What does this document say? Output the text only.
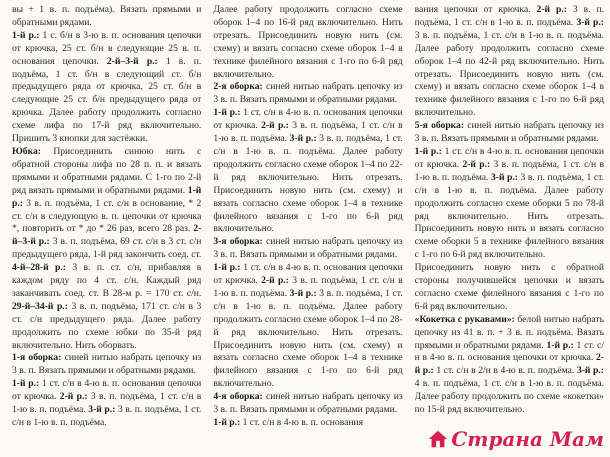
вы + 1 в. п. подъёма). Вязать прямыми и обратными рядами.

1-й р.: 1 с. б/н в 3-ю в. п. основания цепочки от крючка, 25 ст. б/н в следующие 25 в. п. основания цепочки. 2-й–3-й р.: 1 в. п. подъёма, 1 ст. б/н в следующий ст. б/н предыдущего ряда от крючка, 25 ст. б/н в следующие 25 ст. б/н предыдущего ряда от крючка. Далее работу продолжить согласно схеме лифа по 17-й ряд включительно. Пришить 3 кнопки для застёжки.

Юбка: Присоединить синюю нить с обратной стороны лифа по 28 п. п. и вязать прямыми и обратными рядами. С 1-го по 2-й ряд вязать прямыми и обратными рядами. 1-й р.: 3 в. п. подъёма, 1 ст. с/н в основание, * 2 ст. с/н в следующую в. п. цепочки от крючка *, повторить от * до * 26 раз, всего 28 раз. 2-й–3-й р.: 3 в. п. подъёма, 69 ст. с/н в 3 ст. с/н предыдущего ряда, 1-й ряд закончить соед. ст. 4-й–28-й р.: 3 в. п. ст. с/н, прибавляя в каждом ряду по 4 ст. с/н. Каждый ряд заканчивать соед. ст. В 28-м р. = 170 ст. с/н. 29-й–34-й р.: 3 в. п. подъёма, 171 ст. с/н в 3 ст. с/н предыдущего ряда. Далее работу продолжить по схеме юбки по 35-й ряд включительно. Нить оборвать.

1-я оборка: синей нитью набрать цепочку из 3 в. п. Вязать прямыми и обратными рядами.

1-й р.: 1 ст. с/н в 4-ю в. п. основания цепочки от крючка. 2-й р.: 3 в. п. подъёма, 1 ст. с/н в 1-ю в. п. подъёма. 3-й р.: 3 в. п. подъёма, 1 ст. с/н в 1-ю в. п. подъёма.

Далее работу продолжить согласно схеме оборок 1–4 по 16-й ряд включительно. Нить отрезать. Присоединить новую нить (см. схему) и вязать согласно схеме оборок 1–4 в технике филейного вязания с 1-го по 6-й ряд включительно.

2-я оборка: синей нитью набрать цепочку из 3 в. п. Вязать прямыми и обратными рядами.

1-й р.: 1 ст. с/н в 4-ю в. п. основания цепочки от крючка. 2-й р.: 3 в. п. подъёма, 1 ст. с/н в 1-ю в. п. подъёма. 3-й р.: 3 в. п. подъёма, 1 ст. с/н в 1-ю в. п. подъёма. Далее работу продолжить согласно схеме оборок 1–4 по 22-й ряд включительно. Нить отрезать. Присоединить новую нить (см. схему) и вязать согласно схеме оборок 1–4 в технике филейного вязания с 1-го по 6-й ряд включительно.

3-я оборка: синей нитью набрать цепочку из 3 в. п. Вязать прямыми и обратными рядами.

1-й р.: 1 ст. с/н в 4-ю в. п. основания цепочки от крючка. 2-й р.: 3 в. п. подъёма, 1 ст. с/н в 1-ю в. п. подъёма. 3-й р.: 3 в. п. подъёма, 1 ст. с/н в 1-ю в. п. подъёма. Далее работу продолжить согласно схеме оборок 1–4 по 28-й ряд включительно. Нить отрезать. Присоединить новую нить (см. схему) и вязать согласно схеме оборок 1–4 в технике филейного вязания с 1-го по 6-й ряд включительно.

4-я оборка: синей нитью набрать цепочку из 3 в. п. Вязать прямыми и обратными рядами.

1-й р.: 1 ст. с/н в 4-ю в. п. основания

вания цепочки от крючка. 2-й р.: 3 в. п. подъёма, 1 ст. с/н в 1-ю в. п. подъёма. 3-й р.: 3 в. п. подъёма, 1 ст. с/н в 1-ю в. п. подъёма. Далее работу продолжить согласно схеме оборок 1–4 по 42-й ряд включительно. Нить отрезать. Присоединить новую нить (см. схему) и вязать согласно схеме оборок 1–4 в технике филейного вязания с 1-го по 6-й ряд включительно.

5-я оборка: синей нитью набрать цепочку из 3 в. п. Вязать прямыми и обратными рядами.

1-й р.: 1 ст. с/н в 4-ю в. п. основания цепочки от крючка. 2-й р.: 3 в. п. подъёма, 1 ст. с/н в 1-ю в. п. подъёма. 3-й р.: 3 в. п. подъёма, 1 ст. с/н в 1-ю в. п. подъёма. Далее работу продолжить согласно схеме оборки 5 по 78-й ряд включительно. Нить отрезать. Присоединить новую нить и вязать согласно схеме оборки 5 в технике филейного вязания с 1-го по 6-й ряд включительно.

Присоединить новую нить с обратной стороны получившейся цепочки и вязать согласно схеме филейного вязания с 1-го по 6-й ряд включительно.

«Кокетка с рукавами»: белой нитью набрать цепочку из 41 в. п. + 3 в. п. подъёма. Вязать прямыми и обратными рядами. 1-й р.: 1 ст. с/н в 4-ю в. п. основания цепочки от крючка. 2-й р.: 1 ст. с/н в 2/н в 4-ю в. п. подъёма. 3-й р.: 4 в. п. подъёма, 1 ст. с/н в 1-ю в. п. подъёма. Далее работу продолжить по схеме «кокетки» по 15-й ряд включительно.

Страна Мам
